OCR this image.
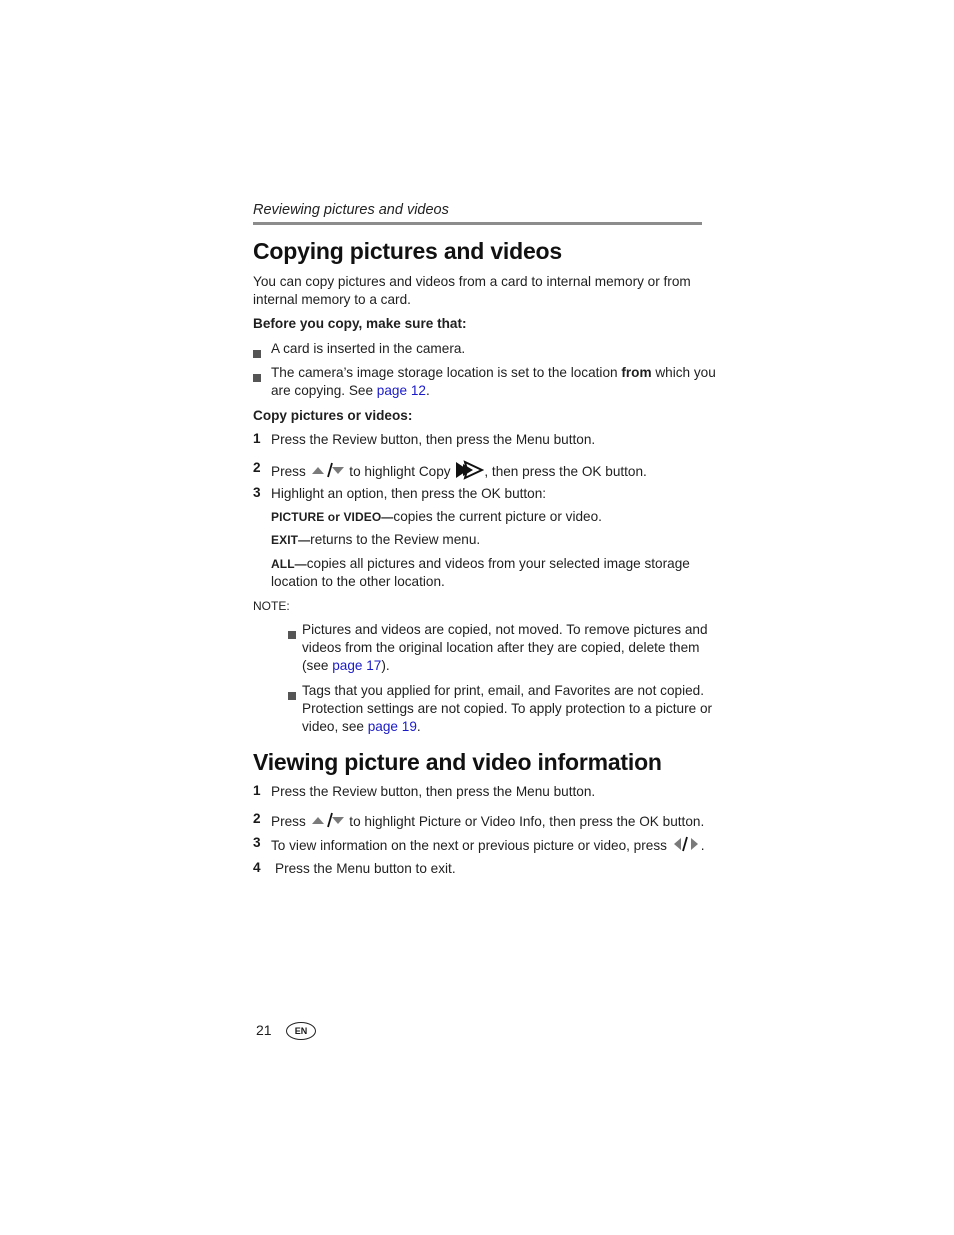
Reviewing pictures and videos
Copying pictures and videos
You can copy pictures and videos from a card to internal memory or from
internal memory to a card.
Before you copy, make sure that:
A card is inserted in the camera.
The camera’s image storage location is set to the location from which you
are copying. See page 12.
Copy pictures or videos:
1 Press the Review button, then press the Menu button.
2 Press	to highlight Copy , then press the OK button.
3 Highlight an option, then press the OK button:
PICTURE or VIDEO—copies the current picture or video.
EXIT—returns to the Review menu.
ALL—copies all pictures and videos from your selected image storage
location to the other location.
NOTE:
Pictures and videos are copied, not moved. To remove pictures and
videos from the original location after they are copied, delete them
(see page 17).
Tags that you applied for print, email, and Favorites are not copied.
Protection settings are not copied. To apply protection to a picture or
video, see page 19.
Viewing picture and video information
1 Press the Review button, then press the Menu button.
2 Press	to highlight Picture or Video Info, then press the OK button.
3 To view information on the next or previous picture or video, press .
4 Press the Menu button to exit.
21	EN
